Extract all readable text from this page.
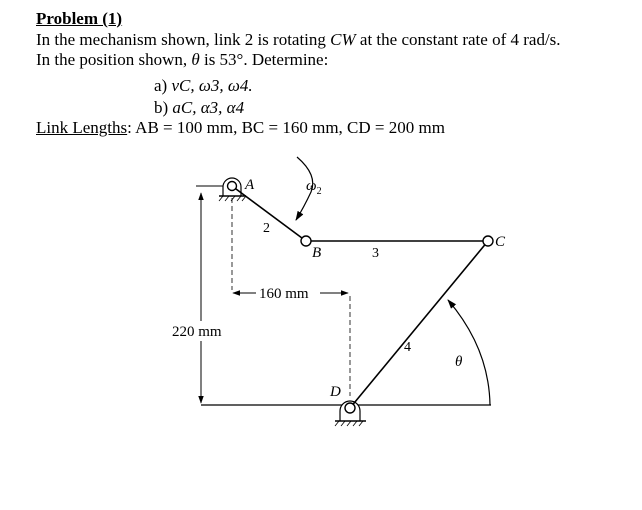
Problem (1)
In the mechanism shown, link 2 is rotating CW at the constant rate of 4 rad/s.
In the position shown, θ is 53°. Determine:
a) vC, ω3, ω4.
b) aC, α3, α4
Link Lengths: AB = 100 mm, BC = 160 mm, CD = 200 mm
220 mm
160 mm
A
B
C
D
2
3
4
$\omega_2$
θ
